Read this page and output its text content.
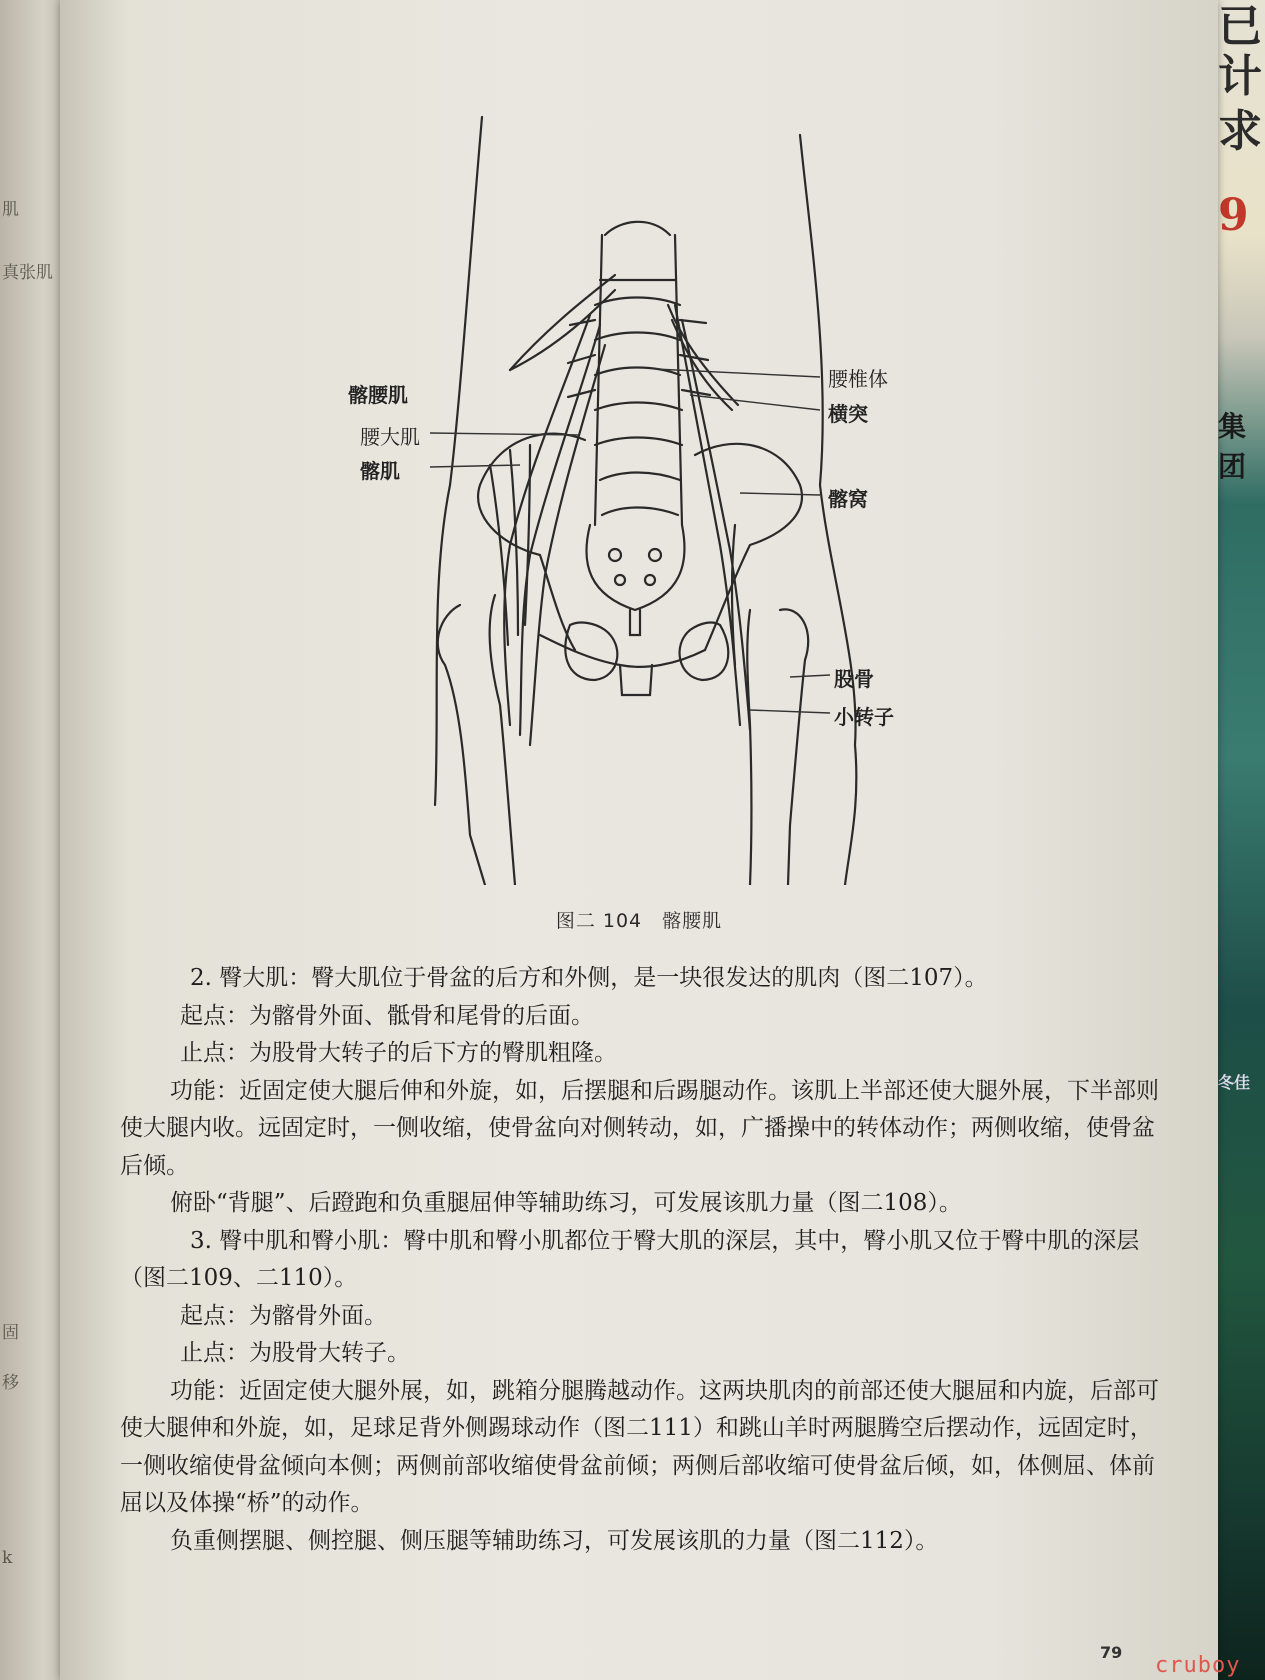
肌
真张肌
固
移
k
已
计
求
9
集团
冬佳
髂腰肌
腰大肌
髂肌
腰椎体
横突
髂窝
股骨
小转子
图二 104　髂腰肌

2. 臀大肌：臀大肌位于骨盆的后方和外侧，是一块很发达的肌肉（图二107）。

起点：为髂骨外面、骶骨和尾骨的后面。

止点：为股骨大转子的后下方的臀肌粗隆。

功能：近固定使大腿后伸和外旋，如，后摆腿和后踢腿动作。该肌上半部还使大腿外展，下半部则使大腿内收。远固定时，一侧收缩，使骨盆向对侧转动，如，广播操中的转体动作；两侧收缩，使骨盆后倾。

俯卧“背腿”、后蹬跑和负重腿屈伸等辅助练习，可发展该肌力量（图二108）。

3. 臀中肌和臀小肌：臀中肌和臀小肌都位于臀大肌的深层，其中，臀小肌又位于臀中肌的深层（图二109、二110）。

起点：为髂骨外面。

止点：为股骨大转子。

功能：近固定使大腿外展，如，跳箱分腿腾越动作。这两块肌肉的前部还使大腿屈和内旋，后部可使大腿伸和外旋，如，足球足背外侧踢球动作（图二111）和跳山羊时两腿腾空后摆动作，远固定时，一侧收缩使骨盆倾向本侧；两侧前部收缩使骨盆前倾；两侧后部收缩可使骨盆后倾，如，体侧屈、体前屈以及体操“桥”的动作。

负重侧摆腿、侧控腿、侧压腿等辅助练习，可发展该肌的力量（图二112）。

79
cruboy
